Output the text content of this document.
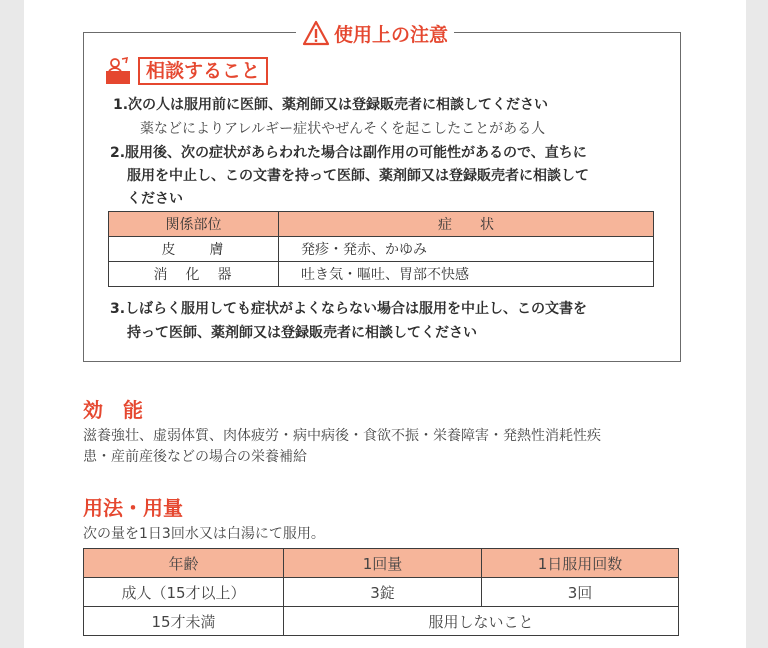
使用上の注意
相談すること
1.次の人は服用前に医師、薬剤師又は登録販売者に相談してください
薬などによりアレルギー症状やぜんそくを起こしたことがある人
2.服用後、次の症状があらわれた場合は副作用の可能性があるので、直ちに
服用を中止し、この文書を持って医師、薬剤師又は登録販売者に相談して
ください
関係部位	症　　状
皮　　膚	発疹・発赤、かゆみ
消　化　器	吐き気・嘔吐、胃部不快感
3.しばらく服用しても症状がよくならない場合は服用を中止し、この文書を
持って医師、薬剤師又は登録販売者に相談してください
効　能
滋養強壮、虚弱体質、肉体疲労・病中病後・食欲不振・栄養障害・発熱性消耗性疾
患・産前産後などの場合の栄養補給
用法・用量
次の量を1日3回水又は白湯にて服用。
年齢	1回量	1日服用回数
成人（15才以上）	3錠	3回
15才未満	服用しないこと	
